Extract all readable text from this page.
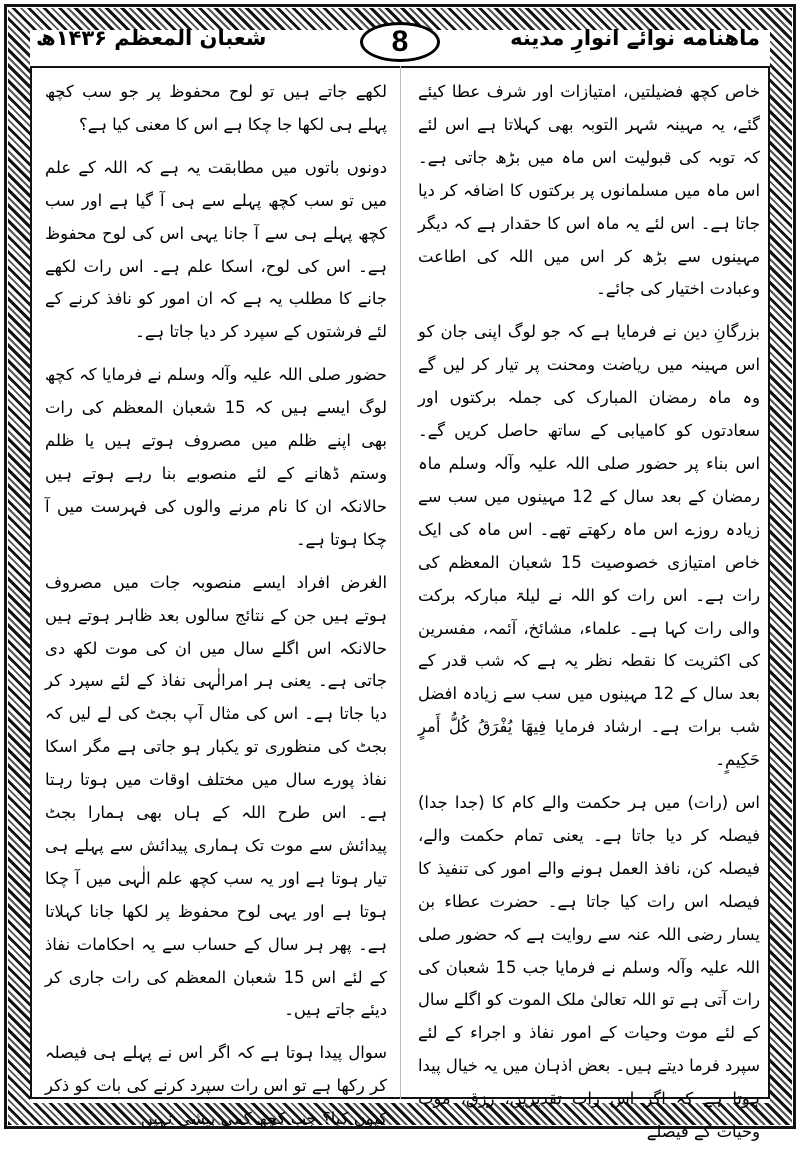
ماهنامه نوائے انوارِ مدینه
8
شعبان المعظم ۱۴۳۶ھ

خاص کچھ فضیلتیں، امتیازات اور شرف عطا کیئے گئے، یہ مہینہ شہر التوبہ بھی کہلاتا ہے اس لئے کہ توبہ کی قبولیت اس ماہ میں بڑھ جاتی ہے۔ اس ماہ میں مسلمانوں پر برکتوں کا اضافہ کر دیا جاتا ہے۔ اس لئے یہ ماہ اس کا حقدار ہے کہ دیگر مہینوں سے بڑھ کر اس میں اللہ کی اطاعت وعبادت اختیار کی جائے۔

بزرگانِ دین نے فرمایا ہے کہ جو لوگ اپنی جان کو اس مہینہ میں ریاضت ومحنت پر تیار کر لیں گے وہ ماہ رمضان المبارک کی جملہ برکتوں اور سعادتوں کو کامیابی کے ساتھ حاصل کریں گے۔ اس بناء پر حضور صلی اللہ علیہ وآلہ وسلم ماہ رمضان کے بعد سال کے 12 مہینوں میں سب سے زیادہ روزے اس ماہ رکھتے تھے۔ اس ماہ کی ایک خاص امتیازی خصوصیت 15 شعبان المعظم کی رات ہے۔ اس رات کو اللہ نے لیلۃ مبارکہ برکت والی رات کہا ہے۔ علماء، مشائخ، آئمہ، مفسرین کی اکثریت کا نقطہ نظر یہ ہے کہ شب قدر کے بعد سال کے 12 مہینوں میں سب سے زیادہ افضل شب برات ہے۔ ارشاد فرمایا فِیهَا یُفْرَقُ کُلُّ أَمرٍ حَکِیمٍ۔

اس (رات) میں ہر حکمت والے کام کا (جدا جدا) فیصلہ کر دیا جاتا ہے۔ یعنی تمام حکمت والے، فیصلہ کن، نافذ العمل ہونے والے امور کی تنفیذ کا فیصلہ اس رات کیا جاتا ہے۔ حضرت عطاء بن یسار رضی اللہ عنہ سے روایت ہے کہ حضور صلی اللہ علیہ وآلہ وسلم نے فرمایا جب 15 شعبان کی رات آتی ہے تو اللہ تعالیٰ ملک الموت کو اگلے سال کے لئے موت وحیات کے امور نفاذ و اجراء کے لئے سپرد فرما دیتے ہیں۔ بعض اذہان میں یہ خیال پیدا ہوتا ہے کہ اگر اس رات تقدیریں، رزق، موت وحیات کے فیصلے

لکھے جاتے ہیں تو لوح محفوظ پر جو سب کچھ پہلے ہی لکھا جا چکا ہے اس کا معنی کیا ہے؟

دونوں باتوں میں مطابقت یہ ہے کہ اللہ کے علم میں تو سب کچھ پہلے سے ہی آ گیا ہے اور سب کچھ پہلے ہی سے آ جانا یہی اس کی لوح محفوظ ہے۔ اس کی لوح، اسکا علم ہے۔ اس رات لکھے جانے کا مطلب یہ ہے کہ ان امور کو نافذ کرنے کے لئے فرشتوں کے سپرد کر دیا جاتا ہے۔

حضور صلی اللہ علیہ وآلہ وسلم نے فرمایا کہ کچھ لوگ ایسے ہیں کہ 15 شعبان المعظم کی رات بھی اپنے ظلم میں مصروف ہوتے ہیں یا ظلم وستم ڈھانے کے لئے منصوبے بنا رہے ہوتے ہیں حالانکہ ان کا نام مرنے والوں کی فہرست میں آ چکا ہوتا ہے۔

الغرض افراد ایسے منصوبہ جات میں مصروف ہوتے ہیں جن کے نتائج سالوں بعد ظاہر ہوتے ہیں حالانکہ اس اگلے سال میں ان کی موت لکھ دی جاتی ہے۔ یعنی ہر امرالٰہی نفاذ کے لئے سپرد کر دیا جاتا ہے۔ اس کی مثال آپ بجٹ کی لے لیں کہ بجٹ کی منظوری تو یکبار ہو جاتی ہے مگر اسکا نفاذ پورے سال میں مختلف اوقات میں ہوتا رہتا ہے۔ اس طرح اللہ کے ہاں بھی ہمارا بجٹ پیدائش سے موت تک ہماری پیدائش سے پہلے ہی تیار ہوتا ہے اور یہ سب کچھ علم الٰہی میں آ چکا ہوتا ہے اور یہی لوح محفوظ پر لکھا جانا کہلاتا ہے۔ پھر ہر سال کے حساب سے یہ احکامات نفاذ کے لئے اس 15 شعبان المعظم کی رات جاری کر دیئے جاتے ہیں۔

سوال پیدا ہوتا ہے کہ اگر اس نے پہلے ہی فیصلہ کر رکھا ہے تو اس رات سپرد کرنے کی بات کو ذکر کیوں کیا؟ جب کچھ کمی بیشی نہیں
